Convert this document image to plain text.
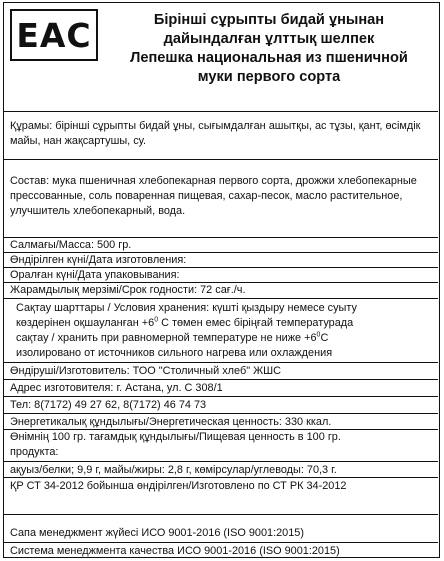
EAC	Бірінші сұрыпты бидай ұнынан
дайындалған ұлттық шелпек
Лепешка национальная из пшеничной
муки первого сорта
Құрамы: бірінші сұрыпты бидай ұны, сығымдалған ашытқы, ас тұзы, қант, өсімдік майы, нан жақсартушы, су.
Состав: мука пшеничная хлебопекарная первого сорта, дрожжи хлебопекарные прессованные, соль поваренная пищевая, сахар-песок, масло растительное, улучшитель хлебопекарный, вода.
Салмағы/Масса: 500 гр.
Өндірілген күні/Дата изготовления:
Оралған күні/Дата упаковывания:
Жарамдылық мерзімі/Срок годности: 72 сағ./ч.
Сақтау шарттары / Условия хранения: күшті қыздыру немесе суыту
көздерінен оқшауланған $+6^0$ С төмен емес біріңғай температурада
сақтау / хранить при равномерной температуре не ниже $+6^0С$
изолировано от источников сильного нагрева или охлаждения
Өндіруші/Изготовитель: ТОО "Столичный хлеб" ЖШС
Адрес изготовителя: г. Астана, ул. С 308/1
Тел: 8(7172) 49 27 62, 8(7172) 46 74 73
Энергетикалық құндылығы/Энергетическая ценность: 330 ккал.
Өнімнің 100 гр. тағамдық құндылығы/Пищевая ценность в 100 гр.
продукта:
ақуыз/белки; 9,9 г, майы/жиры: 2,8 г, көмірсулар/углеводы: 70,3 г.
ҚР СТ 34-2012 бойынша өндірілген/Изготовлено по СТ РК 34-2012
Сапа менеджмент жүйесі ИСО 9001-2016 (ISO 9001:2015)
Система менеджмента качества ИСО 9001-2016 (ISO 9001:2015)
